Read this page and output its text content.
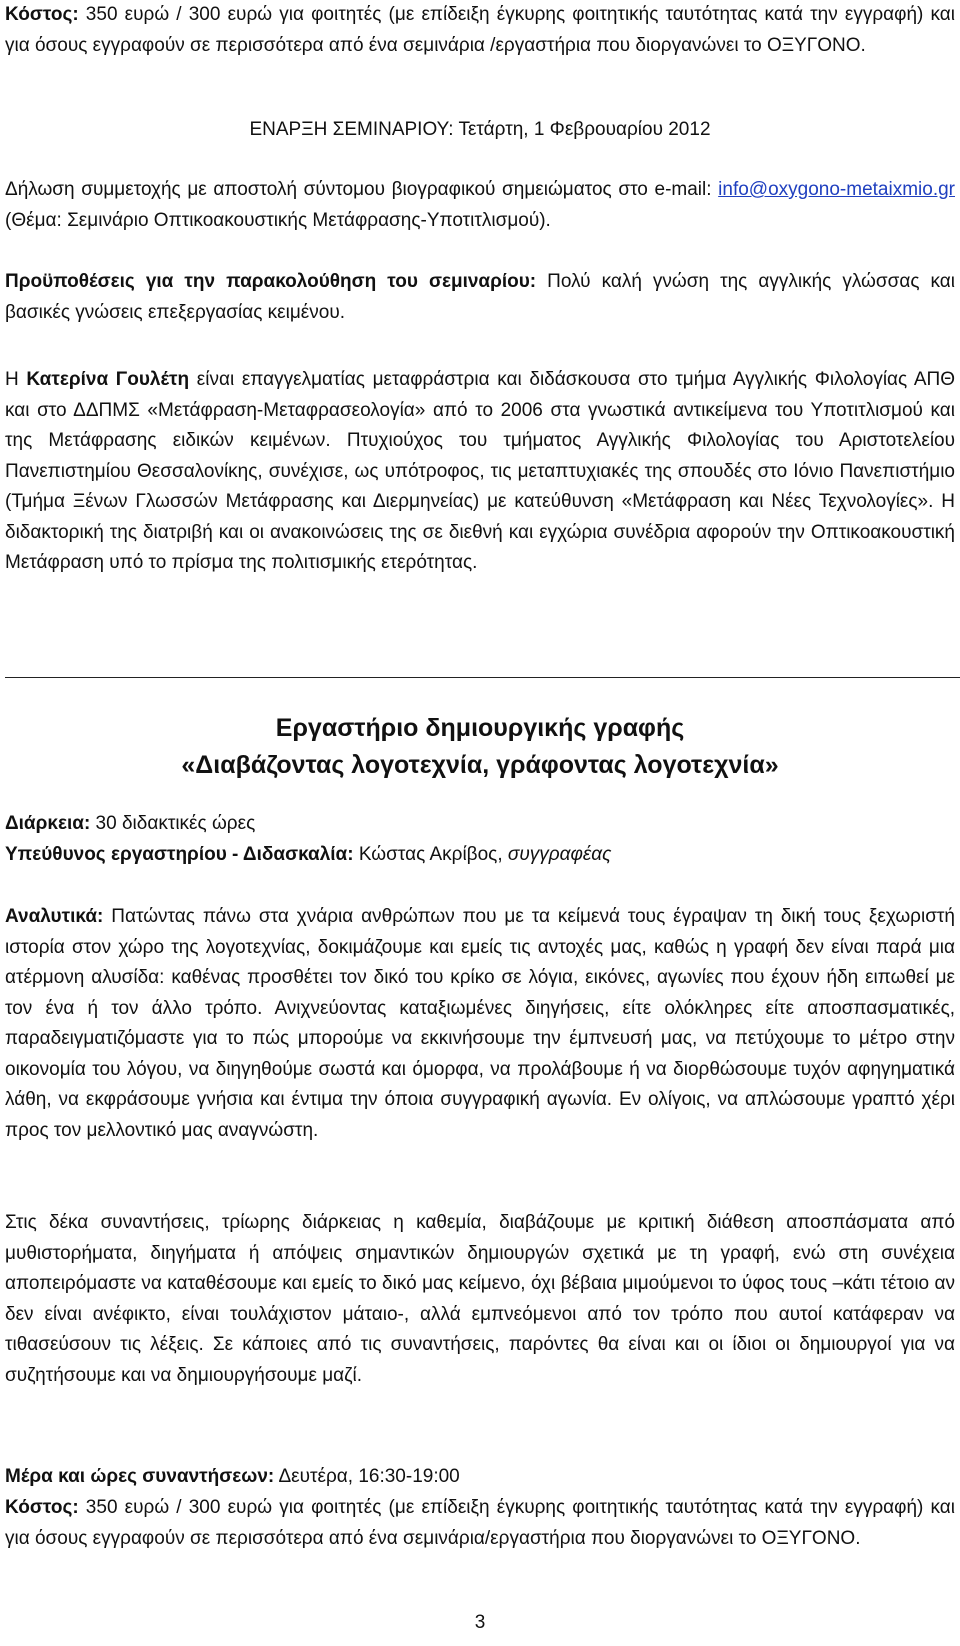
Κόστος: 350 ευρώ / 300 ευρώ για φοιτητές (με επίδειξη έγκυρης φοιτητικής ταυτότητας κατά την εγγραφή) και για όσους εγγραφούν σε περισσότερα από ένα σεμινάρια /εργαστήρια που διοργανώνει το ΟΞΥΓΟΝΟ.

ΕΝΑΡΞΗ ΣΕΜΙΝΑΡΙΟΥ: Τετάρτη, 1 Φεβρουαρίου 2012

Δήλωση συμμετοχής με αποστολή σύντομου βιογραφικού σημειώματος στο e-mail: info@oxygono-metaixmio.gr (Θέμα: Σεμινάριο Οπτικοακουστικής Μετάφρασης-Υποτιτλισμού).

Προϋποθέσεις για την παρακολούθηση του σεμιναρίου: Πολύ καλή γνώση της αγγλικής γλώσσας και βασικές γνώσεις επεξεργασίας κειμένου.

Η Κατερίνα Γουλέτη είναι επαγγελματίας μεταφράστρια και διδάσκουσα στο τμήμα Αγγλικής Φιλολογίας ΑΠΘ και στο ΔΔΠΜΣ «Μετάφραση-Μεταφρασεολογία» από το 2006 στα γνωστικά αντικείμενα του Υποτιτλισμού και της Μετάφρασης ειδικών κειμένων. Πτυχιούχος του τμήματος Αγγλικής Φιλολογίας του Αριστοτελείου Πανεπιστημίου Θεσσαλονίκης, συνέχισε, ως υπότροφος, τις μεταπτυχιακές της σπουδές στο Ιόνιο Πανεπιστήμιο (Τμήμα Ξένων Γλωσσών Μετάφρασης και Διερμηνείας) με κατεύθυνση «Μετάφραση και Νέες Τεχνολογίες». Η διδακτορική της διατριβή και οι ανακοινώσεις της σε διεθνή και εγχώρια συνέδρια αφορούν την Οπτικοακουστική Μετάφραση υπό το πρίσμα της πολιτισμικής ετερότητας.

Εργαστήριο δημιουργικής γραφής

«Διαβάζοντας λογοτεχνία, γράφοντας λογοτεχνία»

Διάρκεια: 30 διδακτικές ώρες

Υπεύθυνος εργαστηρίου - Διδασκαλία: Κώστας Ακρίβος, συγγραφέας

Αναλυτικά: Πατώντας πάνω στα χνάρια ανθρώπων που με τα κείμενά τους έγραψαν τη δική τους ξεχωριστή ιστορία στον χώρο της λογοτεχνίας, δοκιμάζουμε και εμείς τις αντοχές μας, καθώς η γραφή δεν είναι παρά μια ατέρμονη αλυσίδα: καθένας προσθέτει τον δικό του κρίκο σε λόγια, εικόνες, αγωνίες που έχουν ήδη ειπωθεί με τον ένα ή τον άλλο τρόπο. Ανιχνεύοντας καταξιωμένες διηγήσεις, είτε ολόκληρες είτε αποσπασματικές, παραδειγματιζόμαστε για το πώς μπορούμε να εκκινήσουμε την έμπνευσή μας, να πετύχουμε το μέτρο στην οικονομία του λόγου, να διηγηθούμε σωστά και όμορφα, να προλάβουμε ή να διορθώσουμε τυχόν αφηγηματικά λάθη, να εκφράσουμε γνήσια και έντιμα την όποια συγγραφική αγωνία. Εν ολίγοις, να απλώσουμε γραπτό χέρι προς τον μελλοντικό μας αναγνώστη.

Στις δέκα συναντήσεις, τρίωρης διάρκειας η καθεμία, διαβάζουμε με κριτική διάθεση αποσπάσματα από μυθιστορήματα, διηγήματα ή απόψεις σημαντικών δημιουργών σχετικά με τη γραφή, ενώ στη συνέχεια αποπειρόμαστε να καταθέσουμε και εμείς το δικό μας κείμενο, όχι βέβαια μιμούμενοι το ύφος τους –κάτι τέτοιο αν δεν είναι ανέφικτο, είναι τουλάχιστον μάταιο-, αλλά εμπνεόμενοι από τον τρόπο που αυτοί κατάφεραν να τιθασεύσουν τις λέξεις. Σε κάποιες από τις συναντήσεις, παρόντες θα είναι και οι ίδιοι οι δημιουργοί για να συζητήσουμε και να δημιουργήσουμε μαζί.

Μέρα και ώρες συναντήσεων: Δευτέρα, 16:30-19:00

Κόστος: 350 ευρώ / 300 ευρώ για φοιτητές (με επίδειξη έγκυρης φοιτητικής ταυτότητας κατά την εγγραφή) και για όσους εγγραφούν σε περισσότερα από ένα σεμινάρια/εργαστήρια που διοργανώνει το ΟΞΥΓΟΝΟ.

3
